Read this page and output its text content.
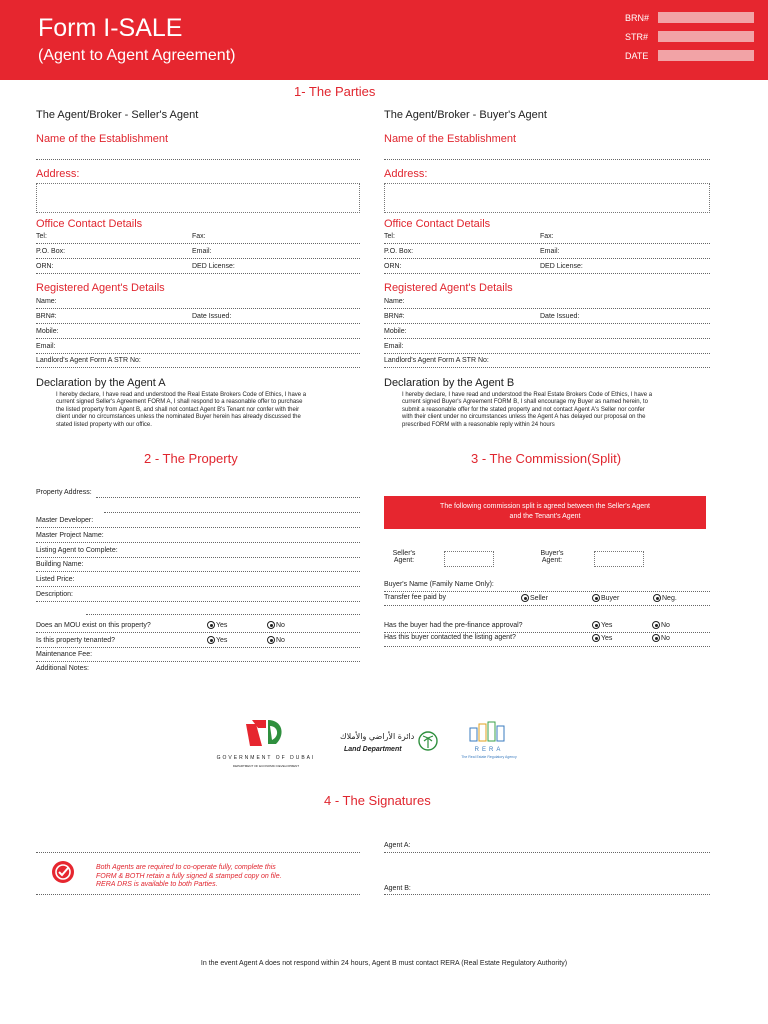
Form I-SALE
(Agent to Agent Agreement)
BRN#
STR#
DATE
1- The Parties
The Agent/Broker - Seller's Agent
Name of the Establishment
Address:
Office Contact Details
Tel:	Fax:
P.O. Box:	Email:
ORN:	DED License:
Registered Agent's Details
Name:
BRN#:	Date Issued:
Mobile:
Email:
Landlord's Agent Form A STR No:
Declaration by the Agent A
I hereby declare, I have read and understood the Real Estate Brokers Code of Ethics, I have a
current signed Seller's Agreement FORM A, I shall respond to a reasonable offer to purchase
the listed property from Agent B, and shall not contact Agent B's Tenant nor confer with their
client under no circumstances unless the nominated Buyer herein has already discussed the
stated listed property with our office.
The Agent/Broker - Buyer's Agent
Name of the Establishment
Address:
Office Contact Details
Tel:	Fax:
P.O. Box:	Email:
ORN:	DED License:
Registered Agent's Details
Name:
BRN#:	Date Issued:
Mobile:
Email:
Landlord's Agent Form A STR No:
Declaration by the Agent B
I hereby declare, I have read and understood the Real Estate Brokers Code of Ethics, I have a
current signed Buyer's Agreement FORM B, I shall encourage my Buyer as named herein, to
submit a reasonable offer for the stated property and not contact Agent A's Seller nor confer
with their client under no circumstances unless the Agent A has delayed our proposal on the
prescribed FORM with a reasonable reply within 24 hours
2 - The Property
Property Address:
Master Developer:
Master Project Name:
Listing Agent to Complete:
Building Name:
Listed Price:
Description:
Does an MOU exist on this property?	Yes	No
Is this property tenanted?	Yes	No
Maintenance Fee:
Additional Notes:
3 - The Commission(Split)
The following commission split is agreed between the Seller's Agent
and the Tenant's Agent
Seller's
Agent:
Buyer's
Agent:
Buyer's Name (Family Name Only):
Transfer fee paid by	Seller	Buyer	Neg.
Has the buyer had the pre-finance approval?	Yes	No
Has this buyer contacted the listing agent?	Yes	No
GOVERNMENT OF DUBAI
DEPARTMENT OF ECONOMIC DEVELOPMENT
دائرة الأراضي والأملاك
Land Department	RERA
The Real Estate Regulatory Agency
4 - The Signatures
Agent A:
Both Agents are required to co-operate fully, complete this
FORM & BOTH retain a fully signed & stamped copy on file.
RERA DRS is available to both Parties.
Agent B:
In the event Agent A does not respond within 24 hours, Agent B must contact RERA (Real Estate Regulatory Authority)
